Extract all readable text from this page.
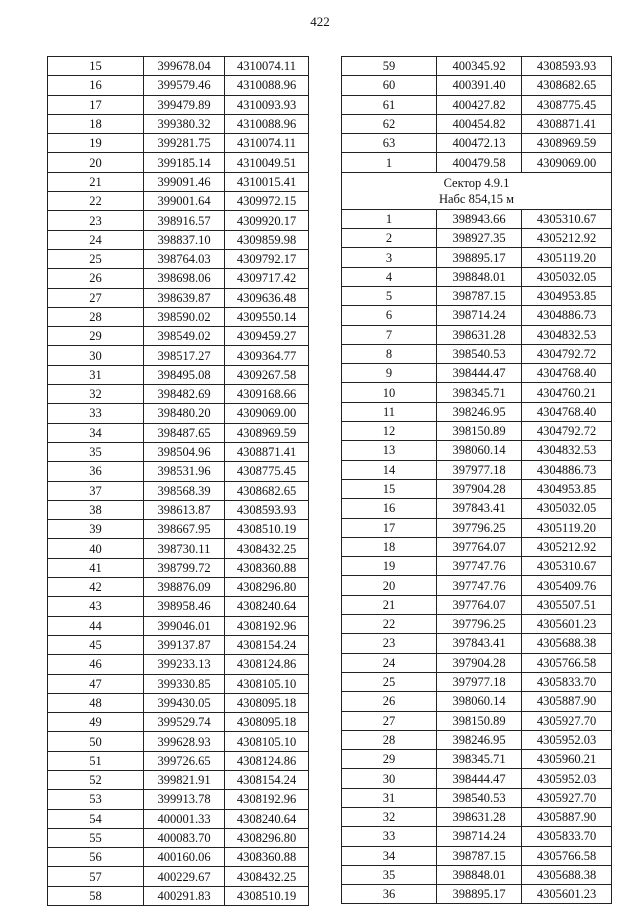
422
15	399678.04	4310074.11
16	399579.46	4310088.96
17	399479.89	4310093.93
18	399380.32	4310088.96
19	399281.75	4310074.11
20	399185.14	4310049.51
21	399091.46	4310015.41
22	399001.64	4309972.15
23	398916.57	4309920.17
24	398837.10	4309859.98
25	398764.03	4309792.17
26	398698.06	4309717.42
27	398639.87	4309636.48
28	398590.02	4309550.14
29	398549.02	4309459.27
30	398517.27	4309364.77
31	398495.08	4309267.58
32	398482.69	4309168.66
33	398480.20	4309069.00
34	398487.65	4308969.59
35	398504.96	4308871.41
36	398531.96	4308775.45
37	398568.39	4308682.65
38	398613.87	4308593.93
39	398667.95	4308510.19
40	398730.11	4308432.25
41	398799.72	4308360.88
42	398876.09	4308296.80
43	398958.46	4308240.64
44	399046.01	4308192.96
45	399137.87	4308154.24
46	399233.13	4308124.86
47	399330.85	4308105.10
48	399430.05	4308095.18
49	399529.74	4308095.18
50	399628.93	4308105.10
51	399726.65	4308124.86
52	399821.91	4308154.24
53	399913.78	4308192.96
54	400001.33	4308240.64
55	400083.70	4308296.80
56	400160.06	4308360.88
57	400229.67	4308432.25
58	400291.83	4308510.19
59	400345.92	4308593.93
60	400391.40	4308682.65
61	400427.82	4308775.45
62	400454.82	4308871.41
63	400472.13	4308969.59
1	400479.58	4309069.00
Сектор 4.9.1
Набс 854,15 м		
1	398943.66	4305310.67
2	398927.35	4305212.92
3	398895.17	4305119.20
4	398848.01	4305032.05
5	398787.15	4304953.85
6	398714.24	4304886.73
7	398631.28	4304832.53
8	398540.53	4304792.72
9	398444.47	4304768.40
10	398345.71	4304760.21
11	398246.95	4304768.40
12	398150.89	4304792.72
13	398060.14	4304832.53
14	397977.18	4304886.73
15	397904.28	4304953.85
16	397843.41	4305032.05
17	397796.25	4305119.20
18	397764.07	4305212.92
19	397747.76	4305310.67
20	397747.76	4305409.76
21	397764.07	4305507.51
22	397796.25	4305601.23
23	397843.41	4305688.38
24	397904.28	4305766.58
25	397977.18	4305833.70
26	398060.14	4305887.90
27	398150.89	4305927.70
28	398246.95	4305952.03
29	398345.71	4305960.21
30	398444.47	4305952.03
31	398540.53	4305927.70
32	398631.28	4305887.90
33	398714.24	4305833.70
34	398787.15	4305766.58
35	398848.01	4305688.38
36	398895.17	4305601.23
